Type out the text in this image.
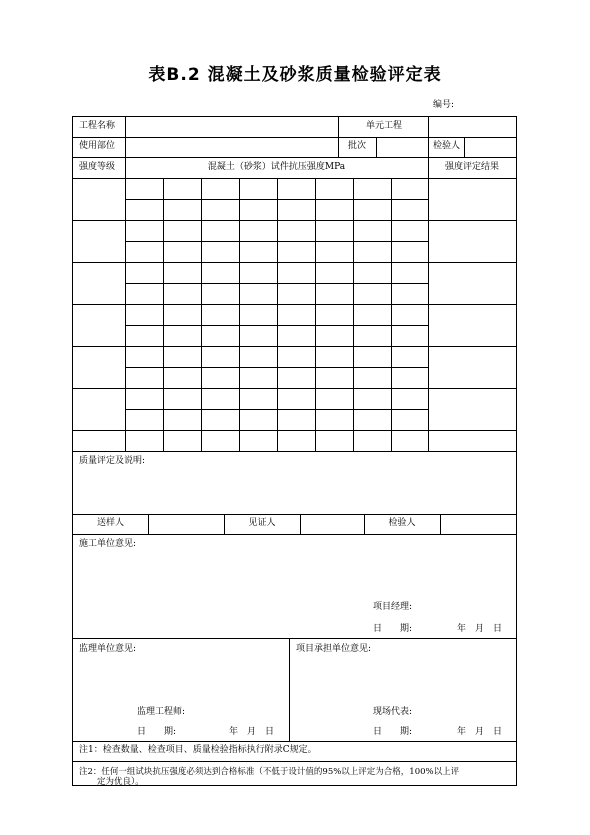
表B.2 混凝土及砂浆质量检验评定表
编号:
工程名称	单元工程
使用部位	批次	检验人
强度等级	混凝土（砂浆）试件抗压强度MPa	强度评定结果
质量评定及说明:
送样人	见证人	检验人
施工单位意见:
项目经理:
日　　期:	年　月　日
监理单位意见:
监理工程师:
日　　期:	年　月　日
项目承担单位意见:
现场代表:
日　　期:	年　月　日
注1：检查数量、检查项目、质量检验指标执行附录C规定。
注2：任何一组试块抗压强度必须达到合格标准（不低于设计值的95%以上评定为合格，100%以上评
定为优良）。
